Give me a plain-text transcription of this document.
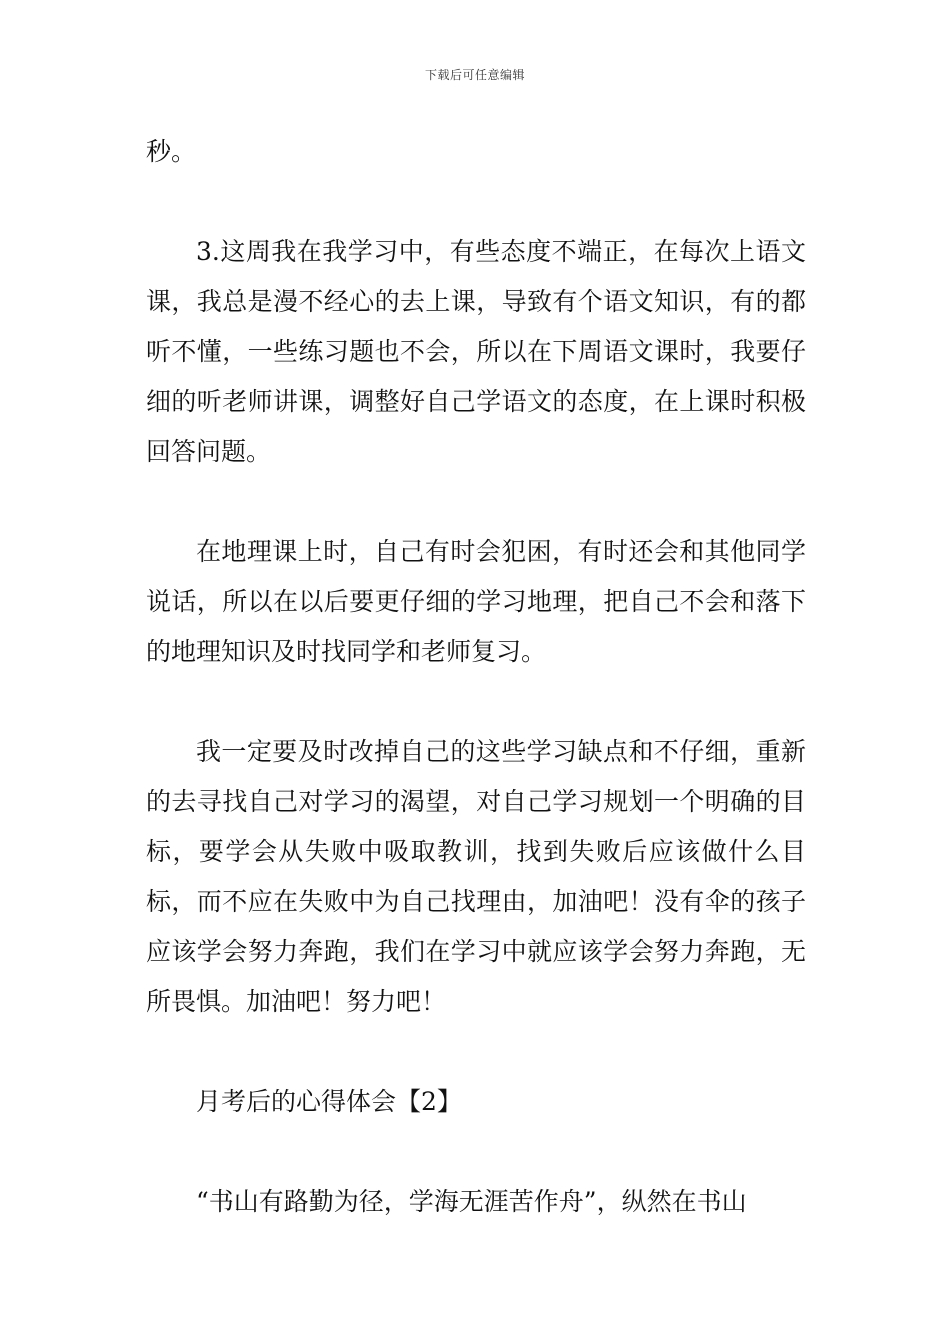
下载后可任意编辑

秒。

3.这周我在我学习中，有些态度不端正，在每次上语文课，我总是漫不经心的去上课，导致有个语文知识，有的都听不懂，一些练习题也不会，所以在下周语文课时，我要仔细的听老师讲课，调整好自己学语文的态度，在上课时积极回答问题。

在地理课上时，自己有时会犯困，有时还会和其他同学说话，所以在以后要更仔细的学习地理，把自己不会和落下的地理知识及时找同学和老师复习。

我一定要及时改掉自己的这些学习缺点和不仔细，重新的去寻找自己对学习的渴望，对自己学习规划一个明确的目标，要学会从失败中吸取教训，找到失败后应该做什么目标，而不应在失败中为自己找理由，加油吧！没有伞的孩子应该学会努力奔跑，我们在学习中就应该学会努力奔跑，无所畏惧。加油吧！努力吧！

月考后的心得体会【2】

“书山有路勤为径，学海无涯苦作舟”，纵然在书山
